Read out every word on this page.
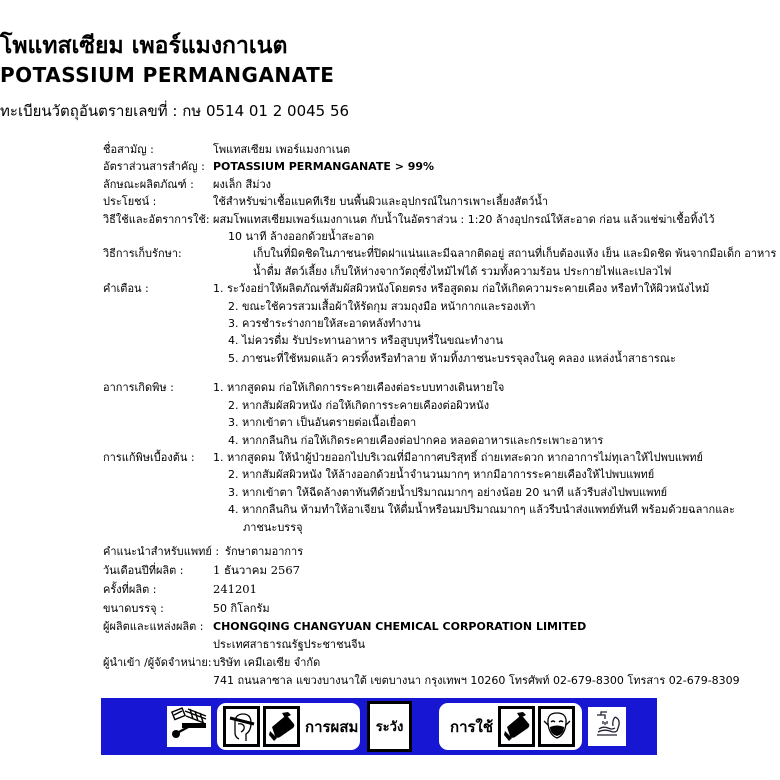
โพแทสเซียม เพอร์แมงกาเนต
POTASSIUM PERMANGANATE
ทะเบียนวัตถุอันตรายเลขที่ : กษ 0514 01 2 0045 56
ชื่อสามัญ :	โพแทสเซียม เพอร์แมงกาเนต
อัตราส่วนสารสำคัญ : POTASSIUM PERMANGANATE > 99%
ลักษณะผลิตภัณฑ์ :	ผงเล็ก สีม่วง
ประโยชน์ :	ใช้สำหรับฆ่าเชื้อแบคทีเรีย บนพื้นผิวและอุปกรณ์ในการเพาะเลี้ยงสัตว์น้ำ
วิธีใช้และอัตราการใช้: ผสมโพแทสเซียมเพอร์แมงกาเนต กับน้ำในอัตราส่วน : 1:20 ล้างอุปกรณ์ให้สะอาด ก่อน แล้วแช่ฆ่าเชื้อทิ้งไว้
10 นาที ล้างออกด้วยน้ำสะอาด
วิธีการเก็บรักษา:	เก็บในที่มิดชิดในภาชนะที่ปิดฝาแน่นและมีฉลากติดอยู่ สถานที่เก็บต้องแห้ง เย็น และมิดชิด พ้นจากมือเด็ก อาหาร
น้ำดื่ม สัตว์เลี้ยง เก็บให้ห่างจากวัตถุซึ่งไหม้ไฟได้ รวมทั้งความร้อน ประกายไฟและเปลวไฟ
คำเตือน :	1. ระวังอย่าให้ผลิตภัณฑ์สัมผัสผิวหนังโดยตรง หรือสูดดม ก่อให้เกิดความระคายเคือง หรือทำให้ผิวหนังไหม้
2. ขณะใช้ควรสวมเสื้อผ้าให้รัดกุม สวมถุงมือ หน้ากากและรองเท้า
3. ควรชำระร่างกายให้สะอาดหลังทำงาน
4. ไม่ควรดื่ม รับประทานอาหาร หรือสูบบุหรี่ในขณะทำงาน
5. ภาชนะที่ใช้หมดแล้ว ควรทิ้งหรือทำลาย ห้ามทิ้งภาชนะบรรจุลงในคู คลอง แหล่งน้ำสาธารณะ
อาการเกิดพิษ :	1. หากสูดดม ก่อให้เกิดการระคายเคืองต่อระบบทางเดินหายใจ
2. หากสัมผัสผิวหนัง ก่อให้เกิดการระคายเคืองต่อผิวหนัง
3. หากเข้าตา เป็นอันตรายต่อเนื้อเยื่อตา
4. หากกลืนกิน ก่อให้เกิดระคายเคืองต่อปากคอ หลอดอาหารและกระเพาะอาหาร
การแก้พิษเบื้องต้น :	1. หากสูดดม ให้นำผู้ป่วยออกไปบริเวณที่มีอากาศบริสุทธิ์ ถ่ายเทสะดวก หากอาการไม่ทุเลาให้ไปพบแพทย์
2. หากสัมผัสผิวหนัง ให้ล้างออกด้วยน้ำจำนวนมากๆ หากมีอาการระคายเคืองให้ไปพบแพทย์
3. หากเข้าตา ให้ฉีดล้างตาทันทีด้วยน้ำปริมาณมากๆ อย่างน้อย 20 นาที แล้วรีบส่งไปพบแพทย์
4. หากกลืนกิน ห้ามทำให้อาเจียน ให้ดื่มน้ำหรือนมปริมาณมากๆ แล้วรีบนำส่งแพทย์ทันที พร้อมด้วยฉลากและ
ภาชนะบรรจุ
คำแนะนำสำหรับแพทย์ : รักษาตามอาการ
วันเดือนปีที่ผลิต :	1 ธันวาคม 2567
ครั้งที่ผลิต :	241201
ขนาดบรรจุ :	50 กิโลกรัม
ผู้ผลิตและแหล่งผลิต : CHONGQING CHANGYUAN CHEMICAL CORPORATION LIMITED
ประเทศสาธารณรัฐประชาชนจีน
ผู้นำเข้า /ผู้จัดจำหน่าย: บริษัท เคมีเอเซีย จำกัด
741 ถนนลาซาล แขวงบางนาใต้ เขตบางนา กรุงเทพฯ 10260 โทรศัพท์ 02-679-8300 โทรสาร 02-679-8309
การผสม	ระวัง	การใช้
